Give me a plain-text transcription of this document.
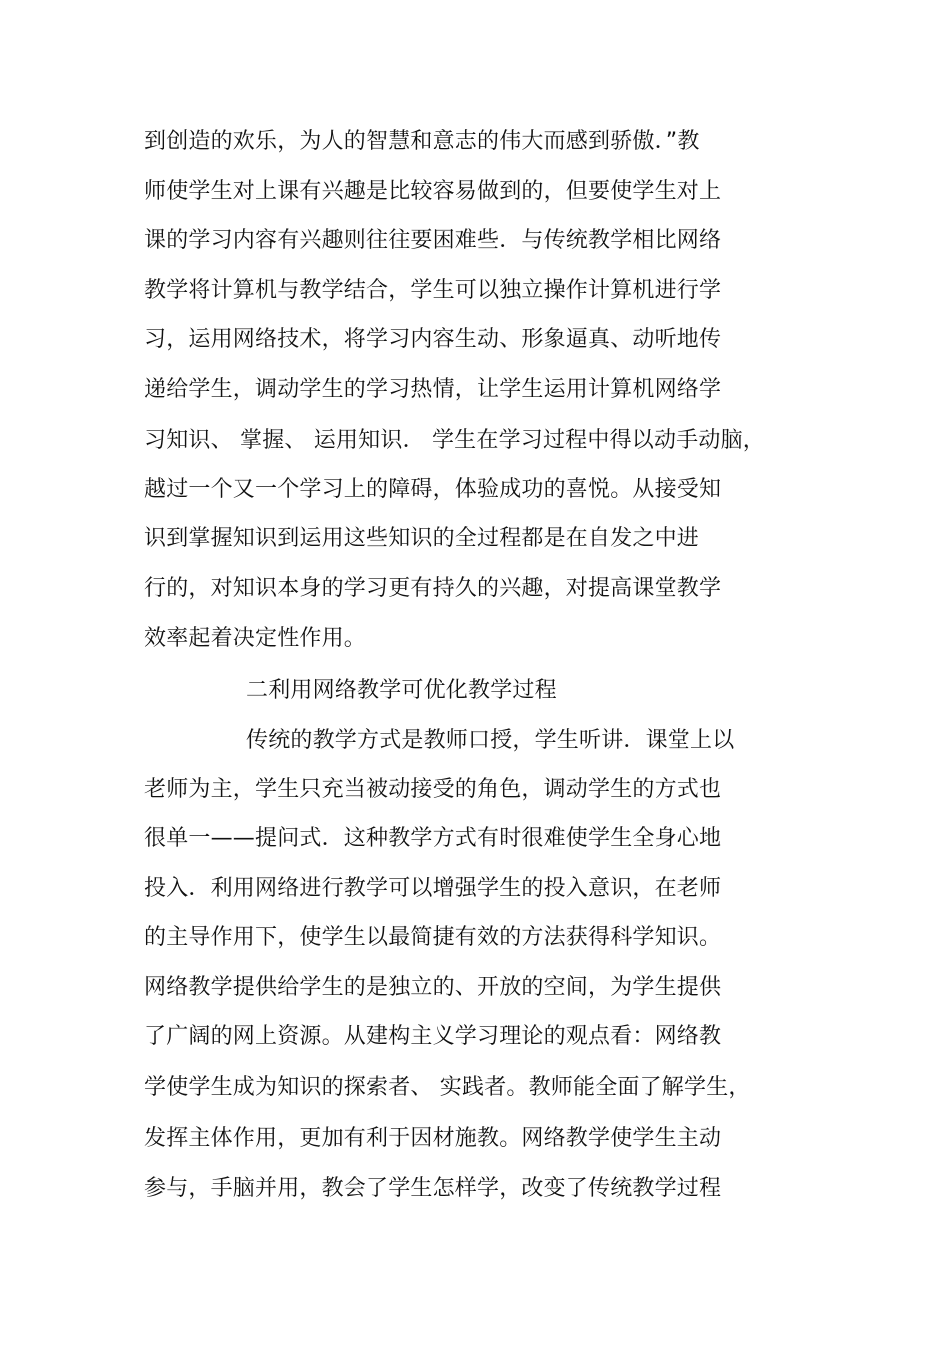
到创造的欢乐，为人的智慧和意志的伟大而感到骄傲．”教
师使学生对上课有兴趣是比较容易做到的，但要使学生对上
课的学习内容有兴趣则往往要困难些．与传统教学相比网络
教学将计算机与教学结合，学生可以独立操作计算机进行学
习，运用网络技术，将学习内容生动、形象逼真、动听地传
递给学生，调动学生的学习热情，让学生运用计算机网络学
习知识、 掌握、 运用知识． 学生在学习过程中得以动手动脑，
越过一个又一个学习上的障碍，体验成功的喜悦。从接受知
识到掌握知识到运用这些知识的全过程都是在自发之中进
行的，对知识本身的学习更有持久的兴趣，对提高课堂教学
效率起着决定性作用。
二利用网络教学可优化教学过程
传统的教学方式是教师口授，学生听讲．课堂上以
老师为主，学生只充当被动接受的角色，调动学生的方式也
很单一——提问式．这种教学方式有时很难使学生全身心地
投入．利用网络进行教学可以增强学生的投入意识，在老师
的主导作用下，使学生以最简捷有效的方法获得科学知识。
网络教学提供给学生的是独立的、开放的空间，为学生提供
了广阔的网上资源。从建构主义学习理论的观点看：网络教
学使学生成为知识的探索者、 实践者。教师能全面了解学生，
发挥主体作用，更加有利于因材施教。网络教学使学生主动
参与，手脑并用，教会了学生怎样学，改变了传统教学过程
